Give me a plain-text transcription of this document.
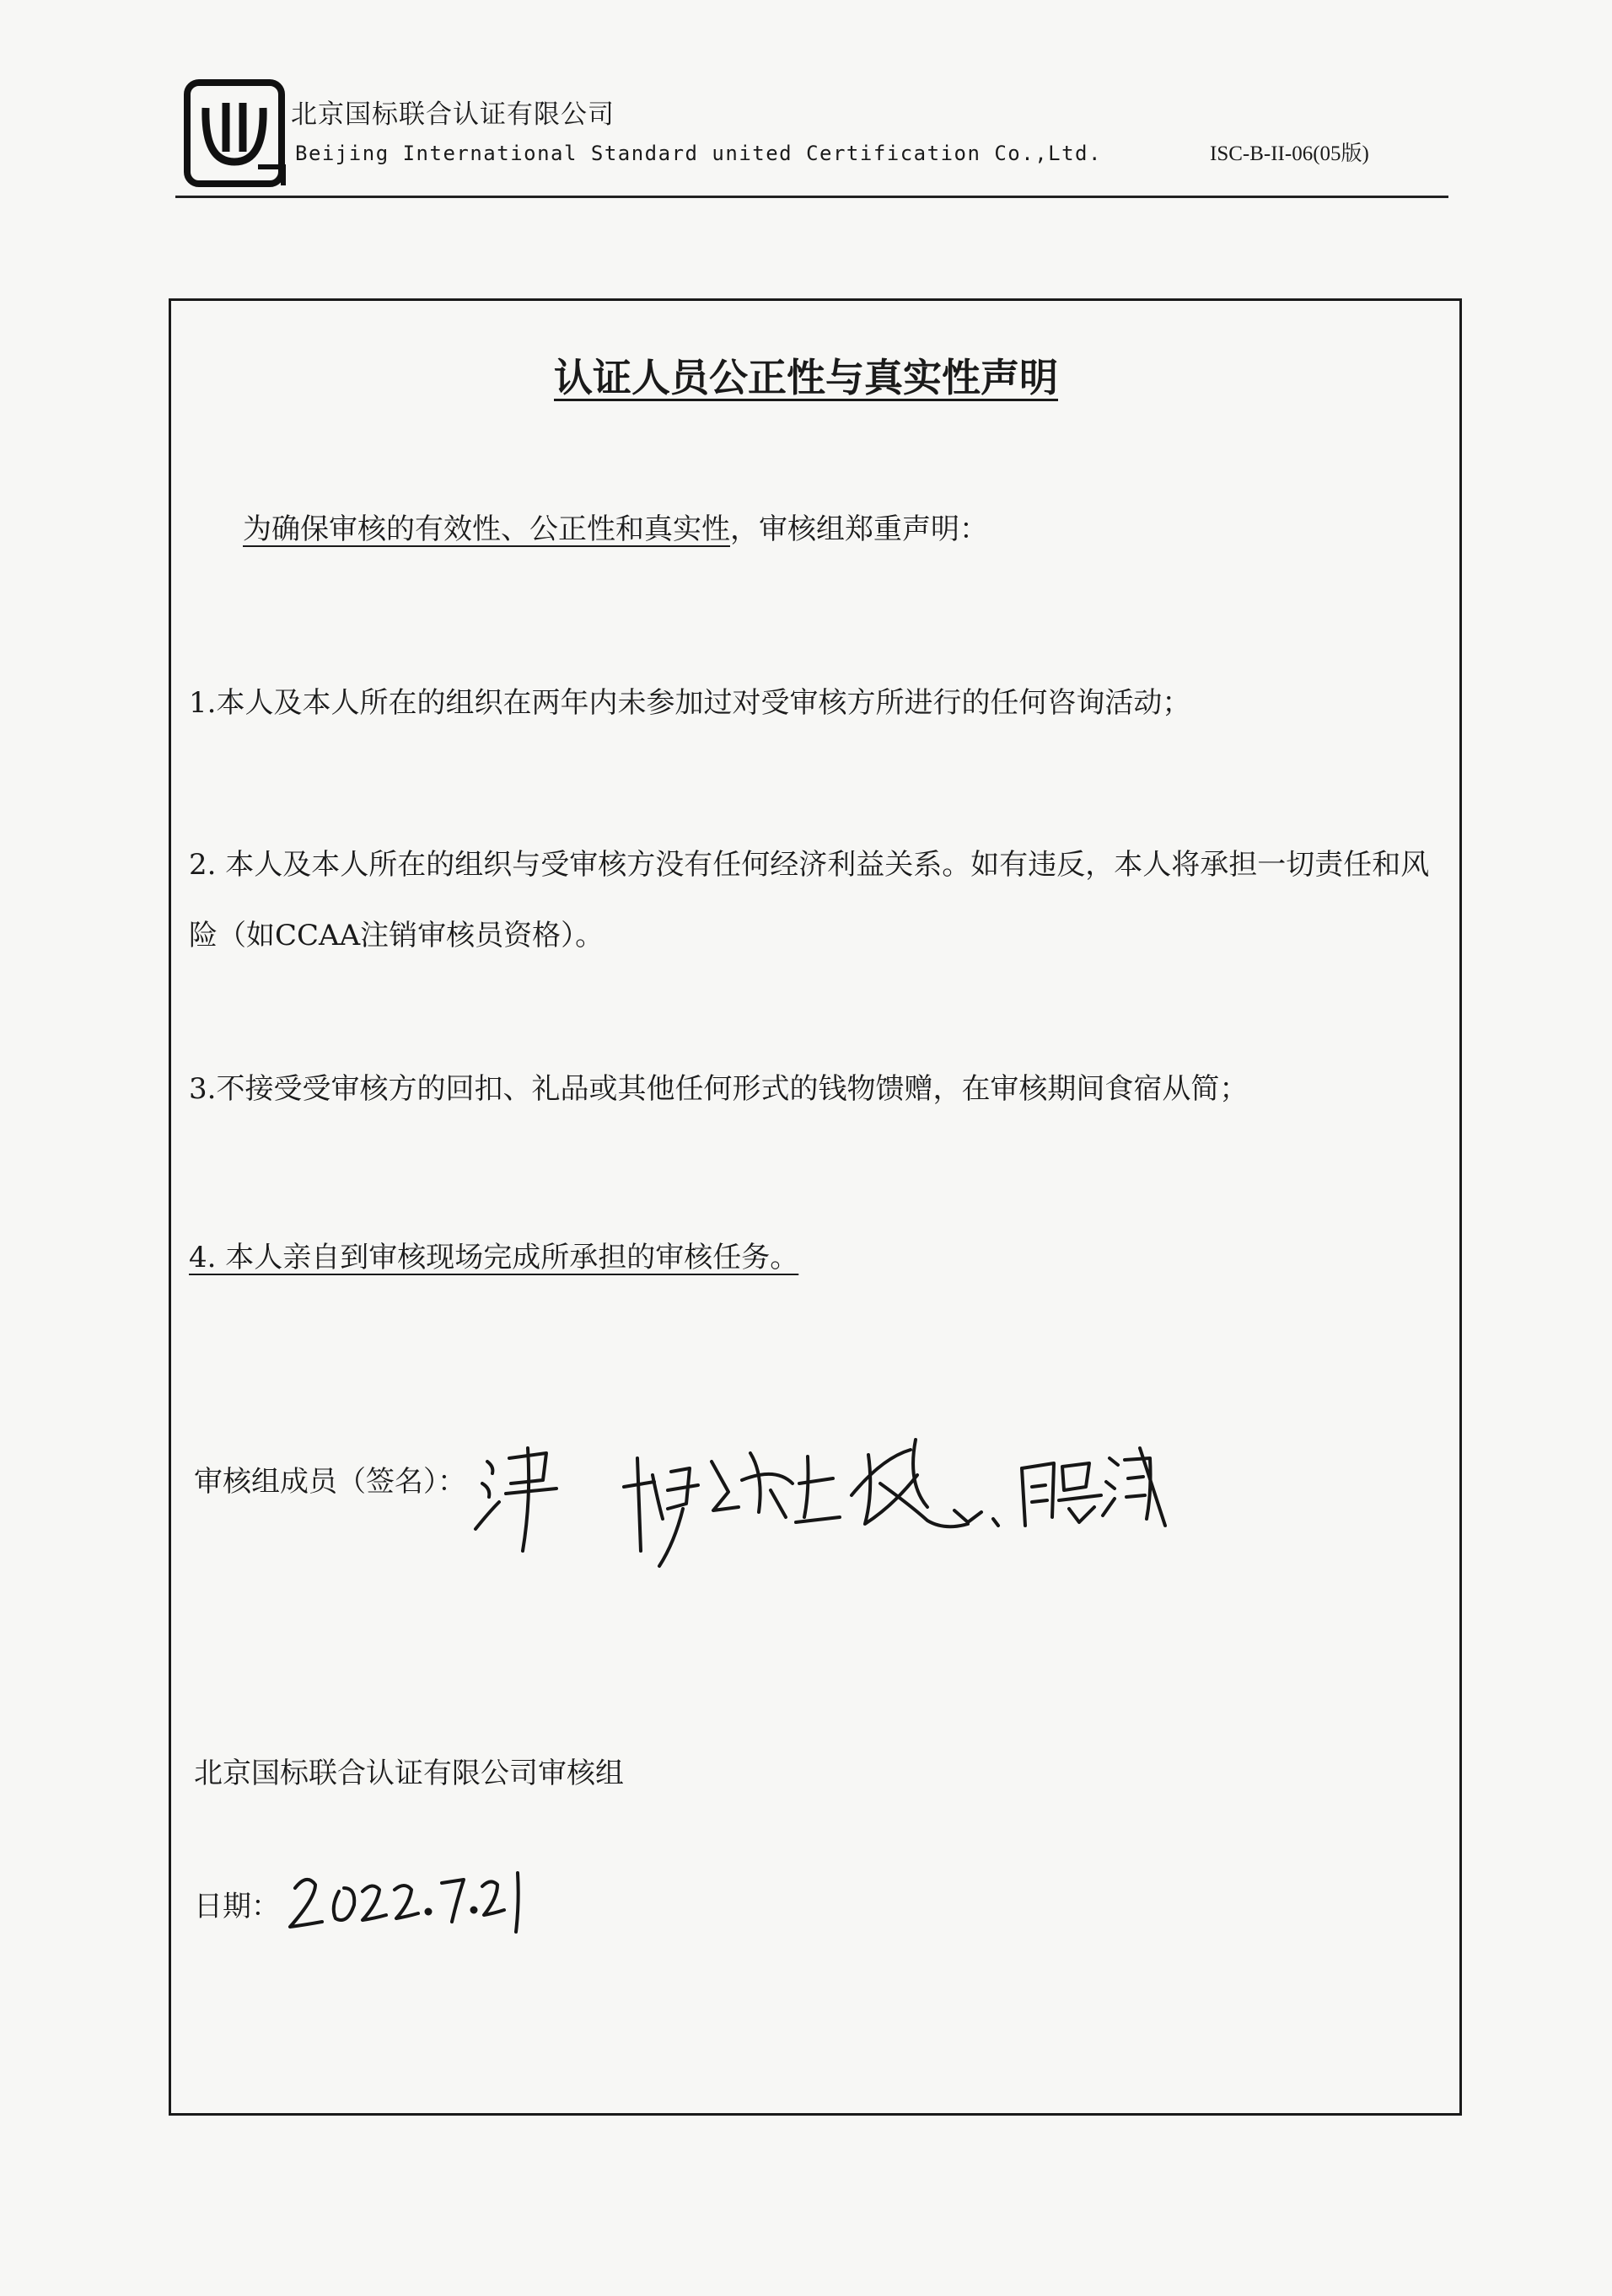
北京国标联合认证有限公司
Beijing International Standard united Certification Co.,Ltd.	ISC-B-II-06(05版)
认证人员公正性与真实性声明
为确保审核的有效性、公正性和真实性，审核组郑重声明：
1.本人及本人所在的组织在两年内未参加过对受审核方所进行的任何咨询活动；
2. 本人及本人所在的组织与受审核方没有任何经济利益关系。如有违反，本人将承担一切责任和风险（如CCAA注销审核员资格）。
3.不接受受审核方的回扣、礼品或其他任何形式的钱物馈赠，在审核期间食宿从简；
4. 本人亲自到审核现场完成所承担的审核任务。
审核组成员（签名）：
北京国标联合认证有限公司审核组
日期：
